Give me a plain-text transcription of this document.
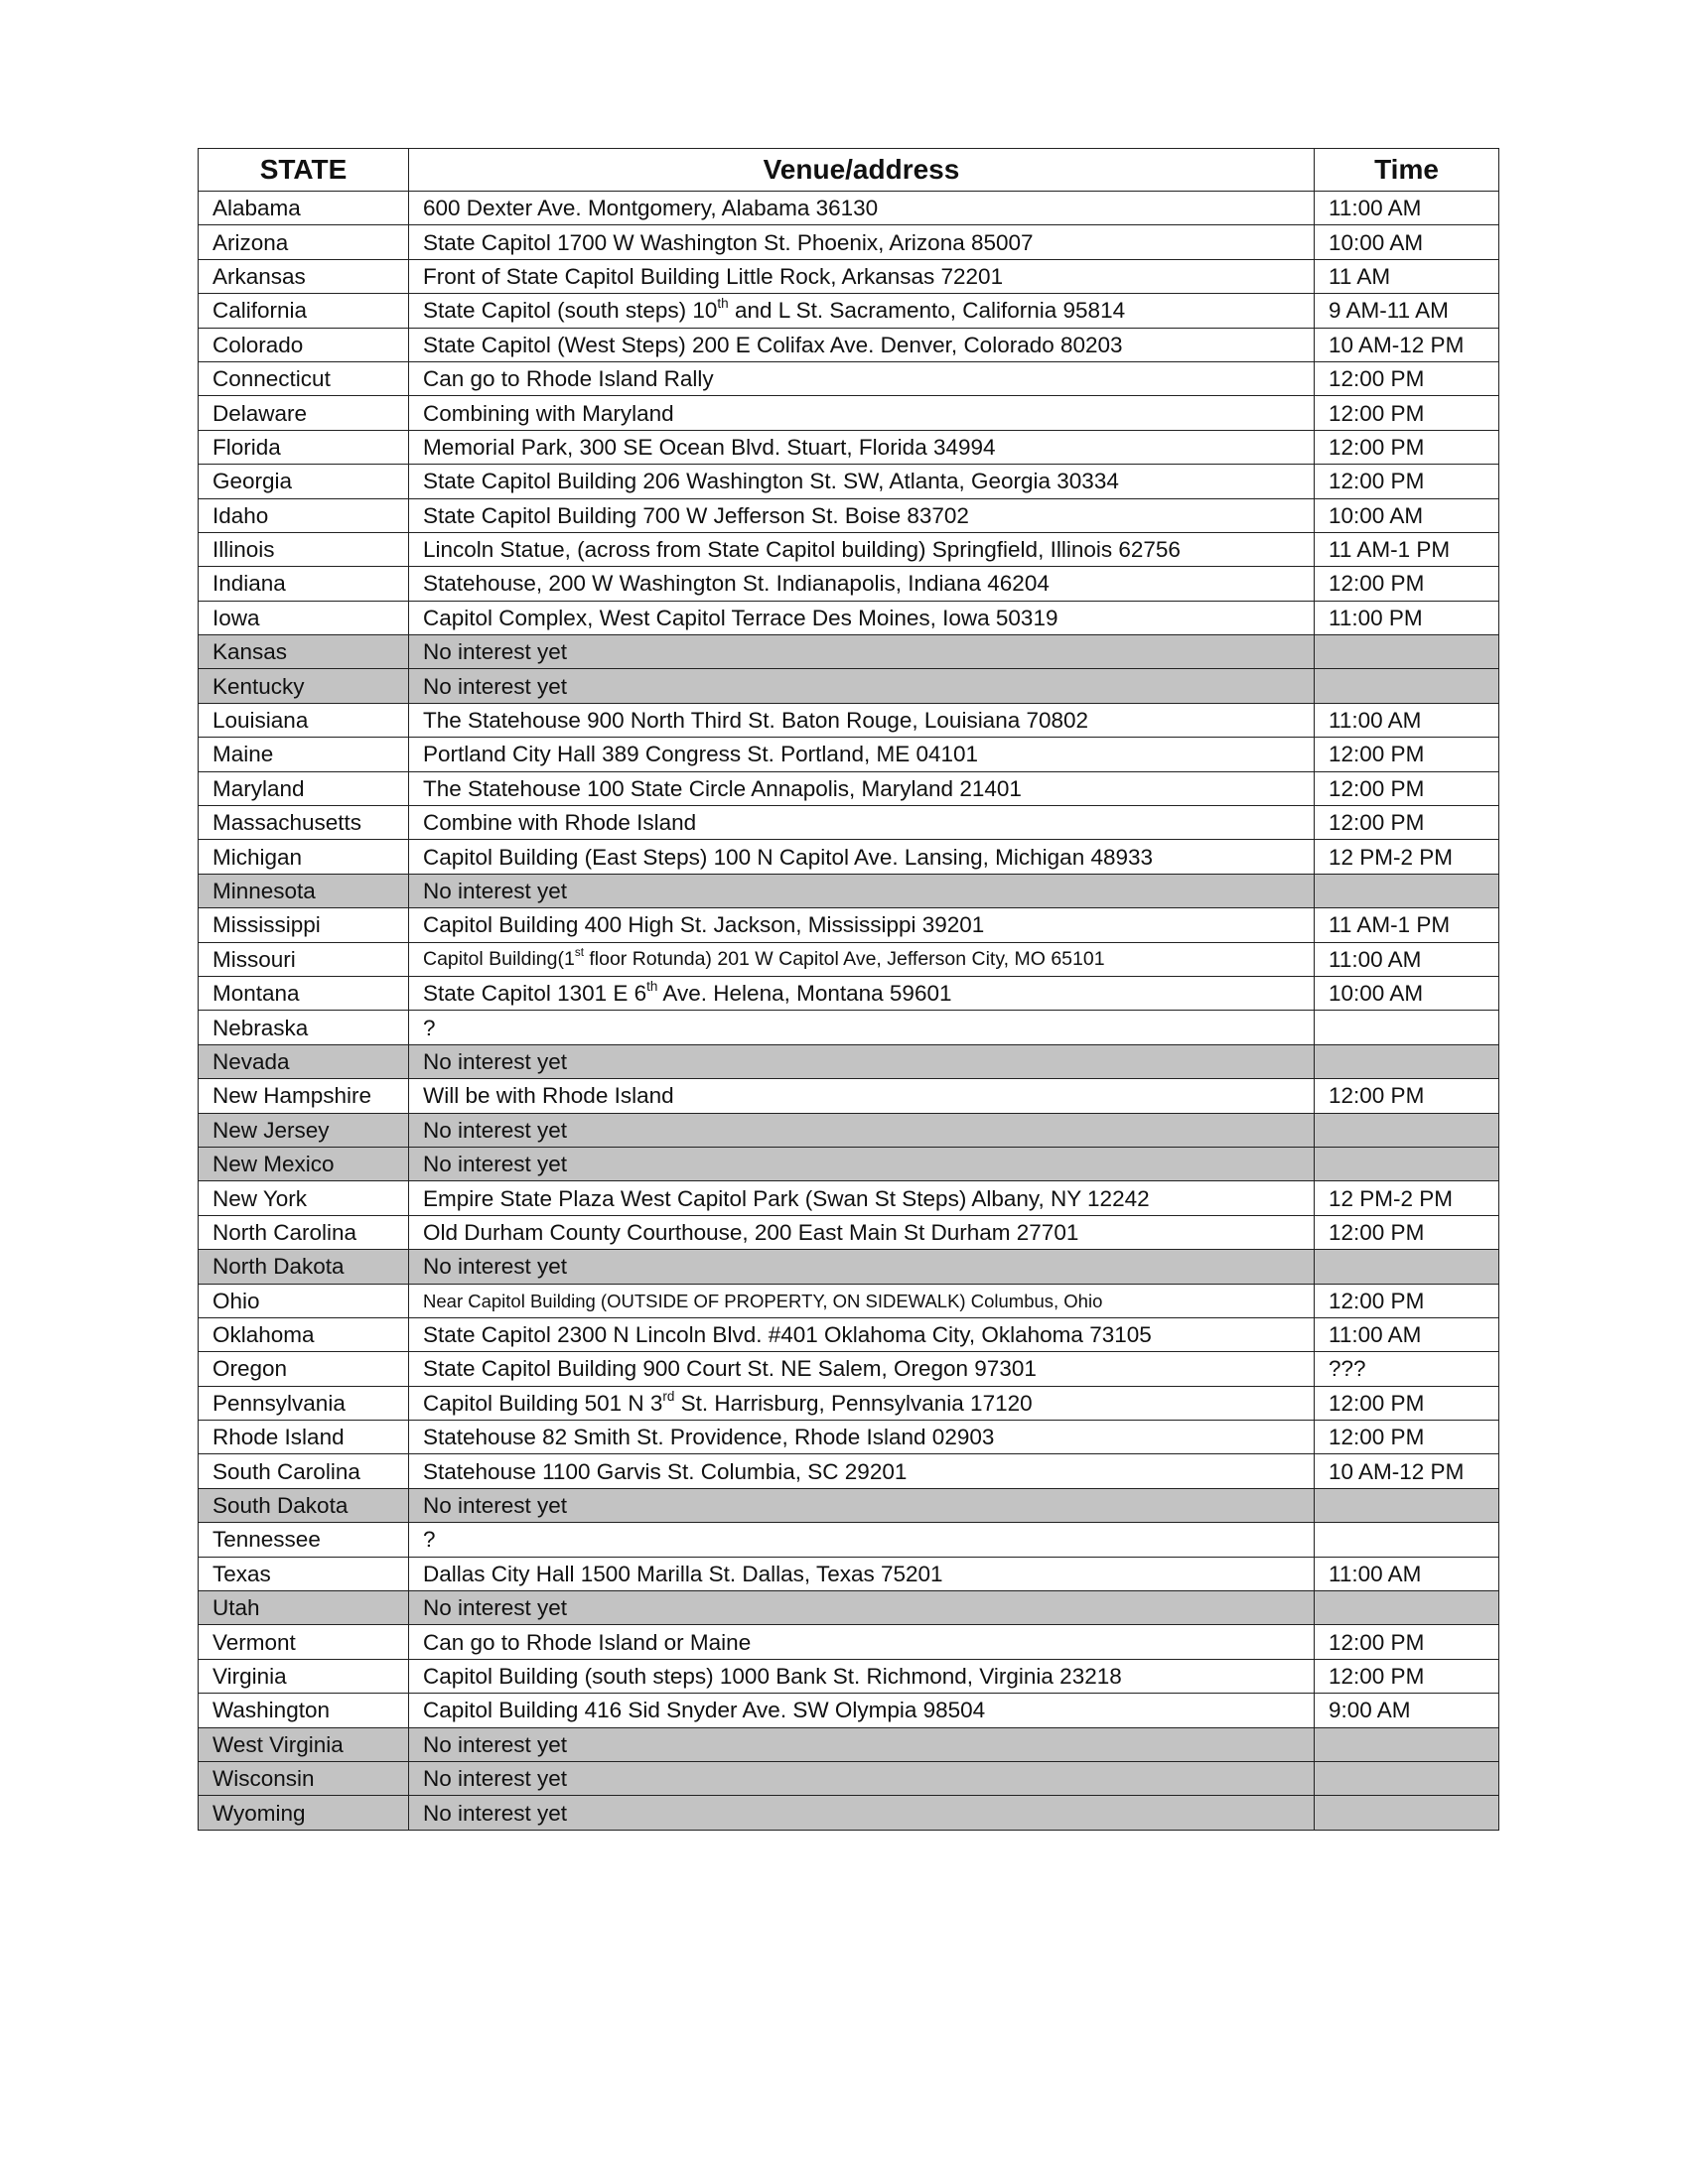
STATE	Venue/address	Time
Alabama	600 Dexter Ave. Montgomery, Alabama 36130	11:00 AM
Arizona	State Capitol 1700 W Washington St. Phoenix, Arizona 85007	10:00 AM
Arkansas	Front of State Capitol Building Little Rock, Arkansas 72201	11 AM
California	State Capitol (south steps) 10th and L St. Sacramento, California 95814	9 AM-11 AM
Colorado	State Capitol (West Steps) 200 E Colifax Ave. Denver, Colorado 80203	10 AM-12 PM
Connecticut	Can go to Rhode Island Rally	12:00 PM
Delaware	Combining with Maryland	12:00 PM
Florida	Memorial Park, 300 SE Ocean Blvd. Stuart, Florida 34994	12:00 PM
Georgia	State Capitol Building 206 Washington St. SW, Atlanta, Georgia 30334	12:00 PM
Idaho	State Capitol Building 700 W Jefferson St. Boise 83702	10:00 AM
Illinois	Lincoln Statue, (across from State Capitol building) Springfield, Illinois 62756	11 AM-1 PM
Indiana	Statehouse, 200 W Washington St. Indianapolis, Indiana 46204	12:00 PM
Iowa	Capitol Complex, West Capitol Terrace Des Moines, Iowa 50319	11:00 PM
Kansas	No interest yet	
Kentucky	No interest yet	
Louisiana	The Statehouse 900 North Third St. Baton Rouge, Louisiana 70802	11:00 AM
Maine	Portland City Hall 389 Congress St. Portland, ME 04101	12:00 PM
Maryland	The Statehouse 100 State Circle Annapolis, Maryland 21401	12:00 PM
Massachusetts	Combine with Rhode Island	12:00 PM
Michigan	Capitol Building (East Steps) 100 N Capitol Ave. Lansing, Michigan 48933	12 PM-2 PM
Minnesota	No interest yet	
Mississippi	Capitol Building 400 High St. Jackson, Mississippi 39201	11 AM-1 PM
Missouri	Capitol Building(1st floor Rotunda) 201 W Capitol Ave, Jefferson City, MO 65101	11:00 AM
Montana	State Capitol 1301 E 6th Ave. Helena, Montana 59601	10:00 AM
Nebraska	?	
Nevada	No interest yet	
New Hampshire	Will be with Rhode Island	12:00 PM
New Jersey	No interest yet	
New Mexico	No interest yet	
New York	Empire State Plaza West Capitol Park (Swan St Steps) Albany, NY 12242	12 PM-2 PM
North Carolina	Old Durham County Courthouse, 200 East Main St Durham 27701	12:00 PM
North Dakota	No interest yet	
Ohio	Near Capitol Building (OUTSIDE OF PROPERTY, ON SIDEWALK) Columbus, Ohio	12:00 PM
Oklahoma	State Capitol 2300 N Lincoln Blvd. #401 Oklahoma City, Oklahoma 73105	11:00 AM
Oregon	State Capitol Building 900 Court St. NE Salem, Oregon 97301	???
Pennsylvania	Capitol Building 501 N 3rd St. Harrisburg, Pennsylvania 17120	12:00 PM
Rhode Island	Statehouse 82 Smith St. Providence, Rhode Island 02903	12:00 PM
South Carolina	Statehouse 1100 Garvis St. Columbia, SC 29201	10 AM-12 PM
South Dakota	No interest yet	
Tennessee	?	
Texas	Dallas City Hall 1500 Marilla St. Dallas, Texas 75201	11:00 AM
Utah	No interest yet	
Vermont	Can go to Rhode Island or Maine	12:00 PM
Virginia	Capitol Building (south steps) 1000 Bank St. Richmond, Virginia 23218	12:00 PM
Washington	Capitol Building 416 Sid Snyder Ave. SW Olympia 98504	9:00 AM
West Virginia	No interest yet	
Wisconsin	No interest yet	
Wyoming	No interest yet	
